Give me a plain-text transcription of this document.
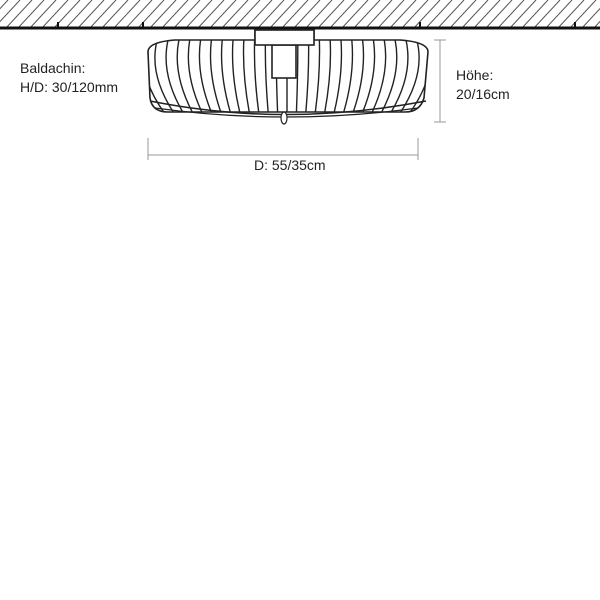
Baldachin:
H/D: 30/120mm
Höhe:
20/16cm
D: 55/35cm
